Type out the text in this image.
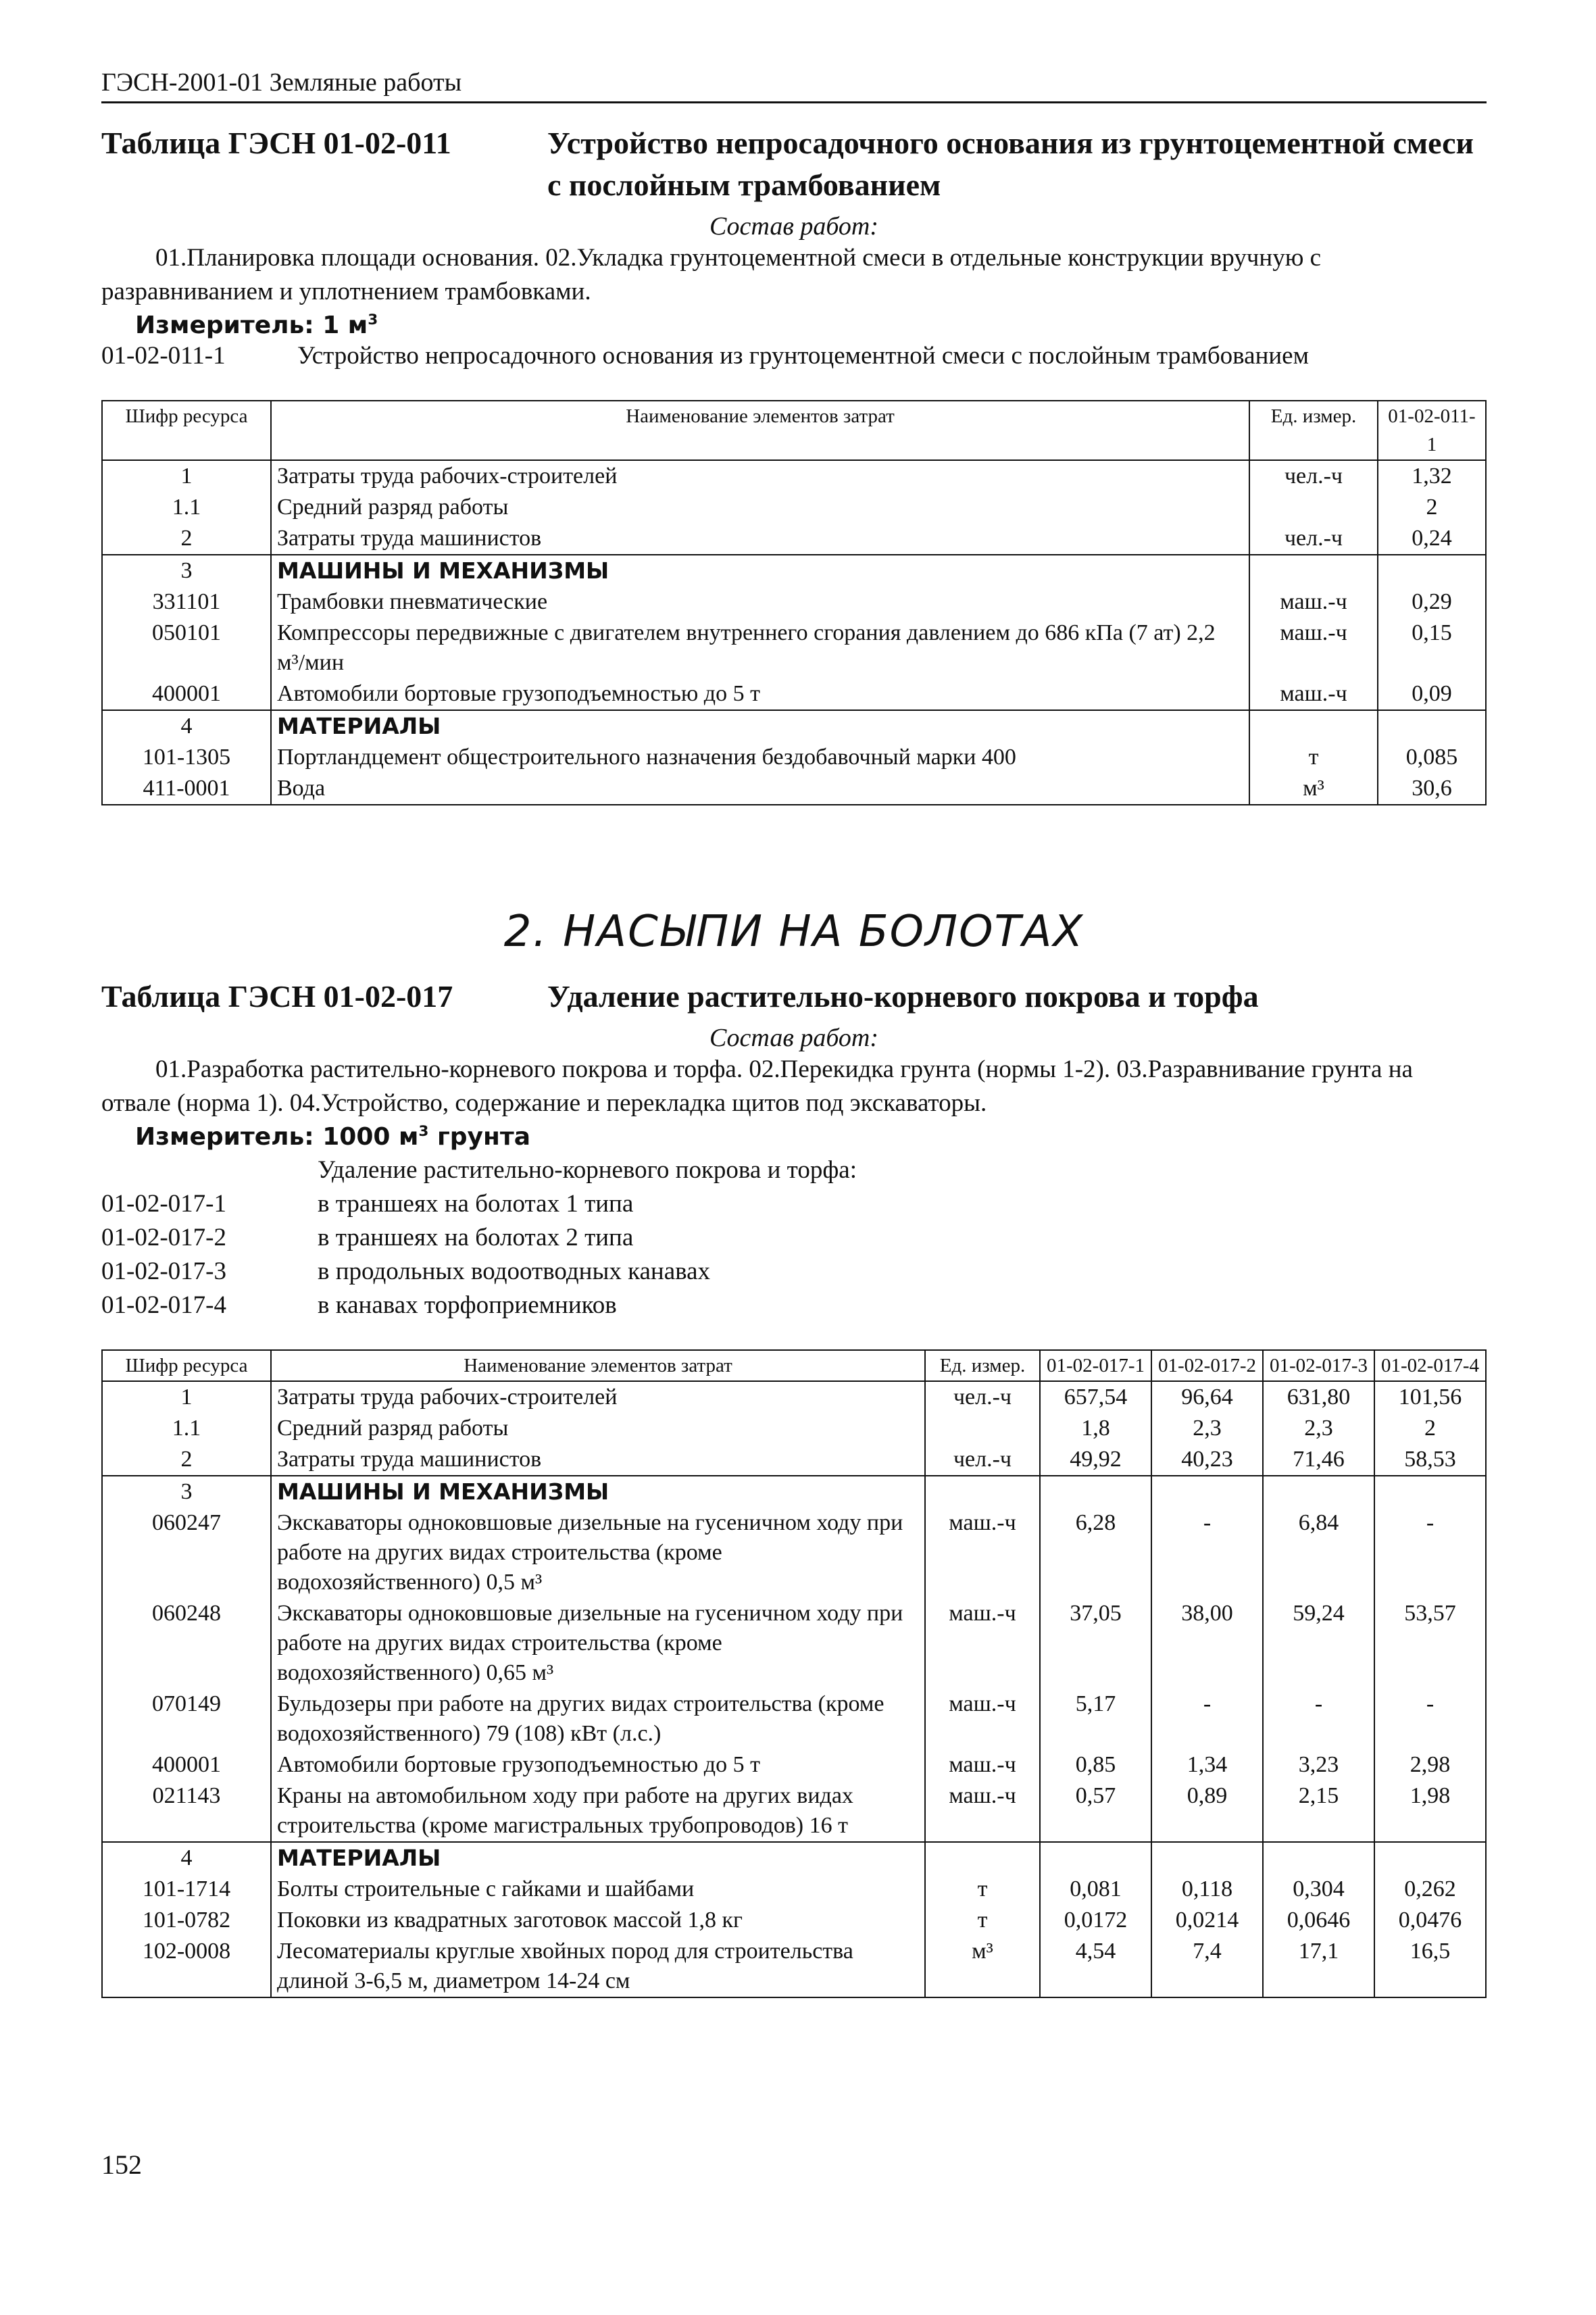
ГЭСН-2001-01 Земляные работы
Таблица ГЭСН 01-02-011	Устройство непросадочного основания из грунтоцементной смеси с послойным трамбованием
Состав работ:
01.Планировка площади основания. 02.Укладка грунтоцементной смеси в отдельные конструкции вручную с разравниванием и уплотнением трамбовками.
Измеритель: 1 $м^3$
01-02-011-1	Устройство непросадочного основания из грунтоцементной смеси с послойным трамбованием
Шифр ресурса	Наименование элементов затрат	Ед. измер.	01-02-011-1
1	Затраты труда рабочих-строителей	чел.-ч	1,32
1.1	Средний разряд работы		2
2	Затраты труда машинистов	чел.-ч	0,24
3	МАШИНЫ И МЕХАНИЗМЫ		
331101	Трамбовки пневматические	маш.-ч	0,29
050101	Компрессоры передвижные с двигателем внутреннего сгорания давлением до 686 кПа (7 ат) 2,2 м³/мин	маш.-ч	0,15
400001	Автомобили бортовые грузоподъемностью до 5 т	маш.-ч	0,09
4	МАТЕРИАЛЫ		
101-1305	Портландцемент общестроительного назначения бездобавочный марки 400	т	0,085
411-0001	Вода	м³	30,6
2. НАСЫПИ НА БОЛОТАХ
Таблица ГЭСН 01-02-017	Удаление растительно-корневого покрова и торфа
Состав работ:
01.Разработка растительно-корневого покрова и торфа. 02.Перекидка грунта (нормы 1-2). 03.Разравнивание грунта на отвале (норма 1). 04.Устройство, содержание и перекладка щитов под экскаваторы.
Измеритель: 1000 $м^3$ грунта
Удаление растительно-корневого покрова и торфа:
01-02-017-1	в траншеях на болотах 1 типа
01-02-017-2	в траншеях на болотах 2 типа
01-02-017-3	в продольных водоотводных канавах
01-02-017-4	в канавах торфоприемников
Шифр ресурса	Наименование элементов затрат	Ед. измер.	01-02-017-1	01-02-017-2	01-02-017-3	01-02-017-4
1	Затраты труда рабочих-строителей	чел.-ч	657,54	96,64	631,80	101,56
1.1	Средний разряд работы		1,8	2,3	2,3	2
2	Затраты труда машинистов	чел.-ч	49,92	40,23	71,46	58,53
3	МАШИНЫ И МЕХАНИЗМЫ					
060247	Экскаваторы одноковшовые дизельные на гусеничном ходу при работе на других видах строительства (кроме водохозяйственного) 0,5 м³	маш.-ч	6,28	-	6,84	-
060248	Экскаваторы одноковшовые дизельные на гусеничном ходу при работе на других видах строительства (кроме водохозяйственного) 0,65 м³	маш.-ч	37,05	38,00	59,24	53,57
070149	Бульдозеры при работе на других видах строительства (кроме водохозяйственного) 79 (108) кВт (л.с.)	маш.-ч	5,17	-	-	-
400001	Автомобили бортовые грузоподъемностью до 5 т	маш.-ч	0,85	1,34	3,23	2,98
021143	Краны на автомобильном ходу при работе на других видах строительства (кроме магистральных трубопроводов) 16 т	маш.-ч	0,57	0,89	2,15	1,98
4	МАТЕРИАЛЫ					
101-1714	Болты строительные с гайками и шайбами	т	0,081	0,118	0,304	0,262
101-0782	Поковки из квадратных заготовок массой 1,8 кг	т	0,0172	0,0214	0,0646	0,0476
102-0008	Лесоматериалы круглые хвойных пород для строительства длиной 3-6,5 м, диаметром 14-24 см	м³	4,54	7,4	17,1	16,5
152
